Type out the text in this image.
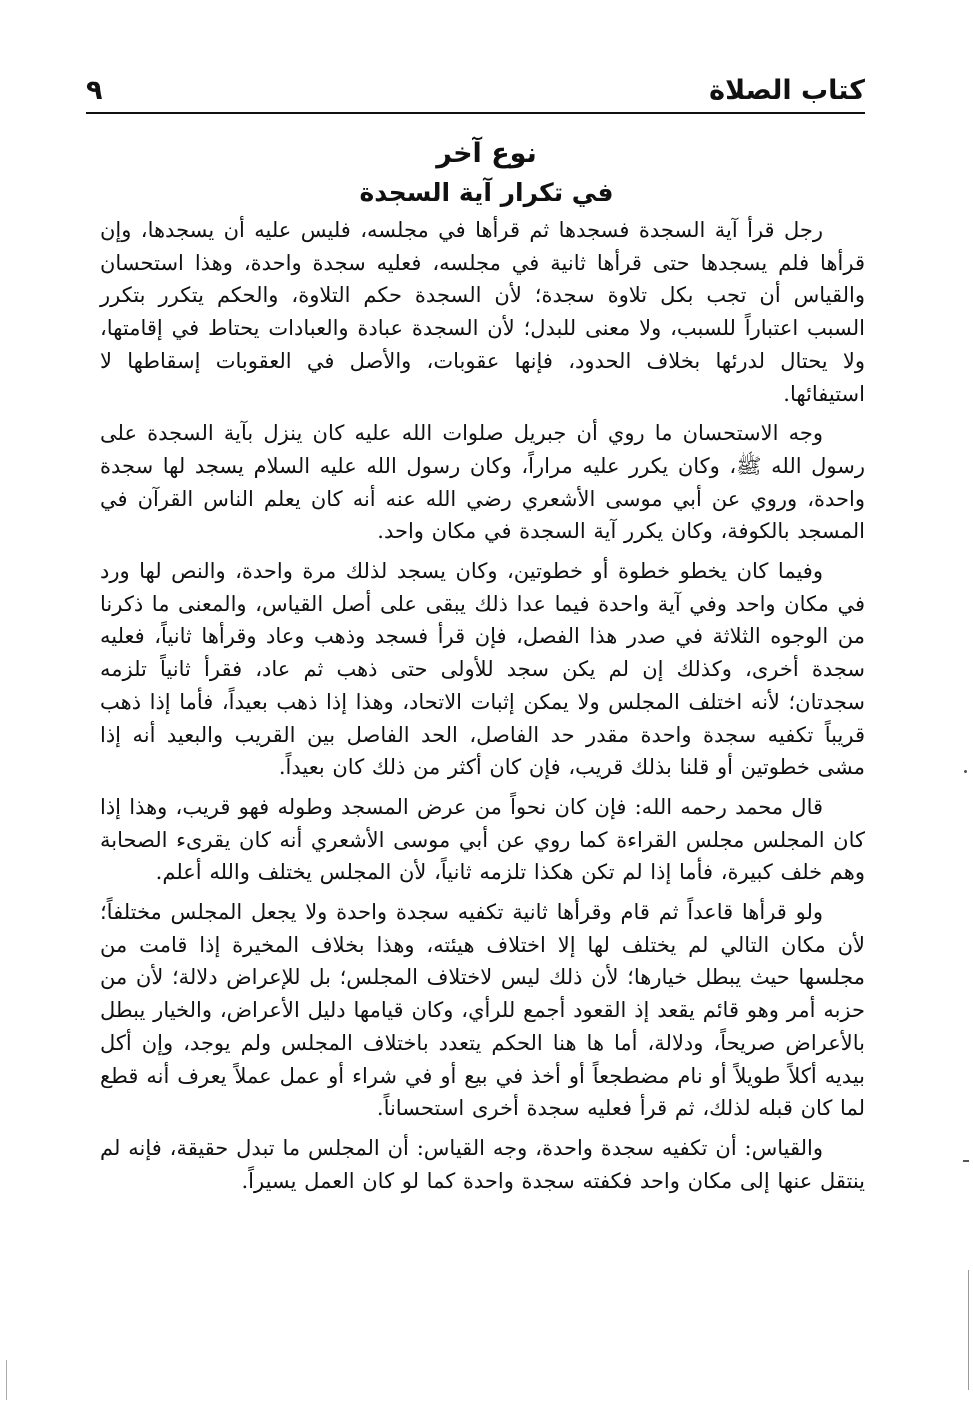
كتاب الصلاة
٩

نوع آخر

في تكرار آية السجدة

رجل قرأ آية السجدة فسجدها ثم قرأها في مجلسه، فليس عليه أن يسجدها، وإن قرأها فلم يسجدها حتى قرأها ثانية في مجلسه، فعليه سجدة واحدة، وهذا استحسان والقياس أن تجب بكل تلاوة سجدة؛ لأن السجدة حكم التلاوة، والحكم يتكرر بتكرر السبب اعتباراً للسبب، ولا معنى للبدل؛ لأن السجدة عبادة والعبادات يحتاط في إقامتها، ولا يحتال لدرئها بخلاف الحدود، فإنها عقوبات، والأصل في العقوبات إسقاطها لا استيفائها.

وجه الاستحسان ما روي أن جبريل صلوات الله عليه كان ينزل بآية السجدة على رسول الله ﷺ، وكان يكرر عليه مراراً، وكان رسول الله عليه السلام يسجد لها سجدة واحدة، وروي عن أبي موسى الأشعري رضي الله عنه أنه كان يعلم الناس القرآن في المسجد بالكوفة، وكان يكرر آية السجدة في مكان واحد.

وفيما كان يخطو خطوة أو خطوتين، وكان يسجد لذلك مرة واحدة، والنص لها ورد في مكان واحد وفي آية واحدة فيما عدا ذلك يبقى على أصل القياس، والمعنى ما ذكرنا من الوجوه الثلاثة في صدر هذا الفصل، فإن قرأ فسجد وذهب وعاد وقرأها ثانياً، فعليه سجدة أخرى، وكذلك إن لم يكن سجد للأولى حتى ذهب ثم عاد، فقرأ ثانياً تلزمه سجدتان؛ لأنه اختلف المجلس ولا يمكن إثبات الاتحاد، وهذا إذا ذهب بعيداً، فأما إذا ذهب قريباً تكفيه سجدة واحدة مقدر حد الفاصل، الحد الفاصل بين القريب والبعيد أنه إذا مشى خطوتين أو قلنا بذلك قريب، فإن كان أكثر من ذلك كان بعيداً.

قال محمد رحمه الله: فإن كان نحواً من عرض المسجد وطوله فهو قريب، وهذا إذا كان المجلس مجلس القراءة كما روي عن أبي موسى الأشعري أنه كان يقرىء الصحابة وهم خلف كبيرة، فأما إذا لم تكن هكذا تلزمه ثانياً، لأن المجلس يختلف والله أعلم.

ولو قرأها قاعداً ثم قام وقرأها ثانية تكفيه سجدة واحدة ولا يجعل المجلس مختلفاً؛ لأن مكان التالي لم يختلف لها إلا اختلاف هيئته، وهذا بخلاف المخيرة إذا قامت من مجلسها حيث يبطل خيارها؛ لأن ذلك ليس لاختلاف المجلس؛ بل للإعراض دلالة؛ لأن من حزبه أمر وهو قائم يقعد إذ القعود أجمع للرأي، وكان قيامها دليل الأعراض، والخيار يبطل بالأعراض صريحاً، ودلالة، أما ها هنا الحكم يتعدد باختلاف المجلس ولم يوجد، وإن أكل بيديه أكلاً طويلاً أو نام مضطجعاً أو أخذ في بيع أو في شراء أو عمل عملاً يعرف أنه قطع لما كان قبله لذلك، ثم قرأ فعليه سجدة أخرى استحساناً.

والقياس: أن تكفيه سجدة واحدة، وجه القياس: أن المجلس ما تبدل حقيقة، فإنه لم ينتقل عنها إلى مكان واحد فكفته سجدة واحدة كما لو كان العمل يسيراً.
